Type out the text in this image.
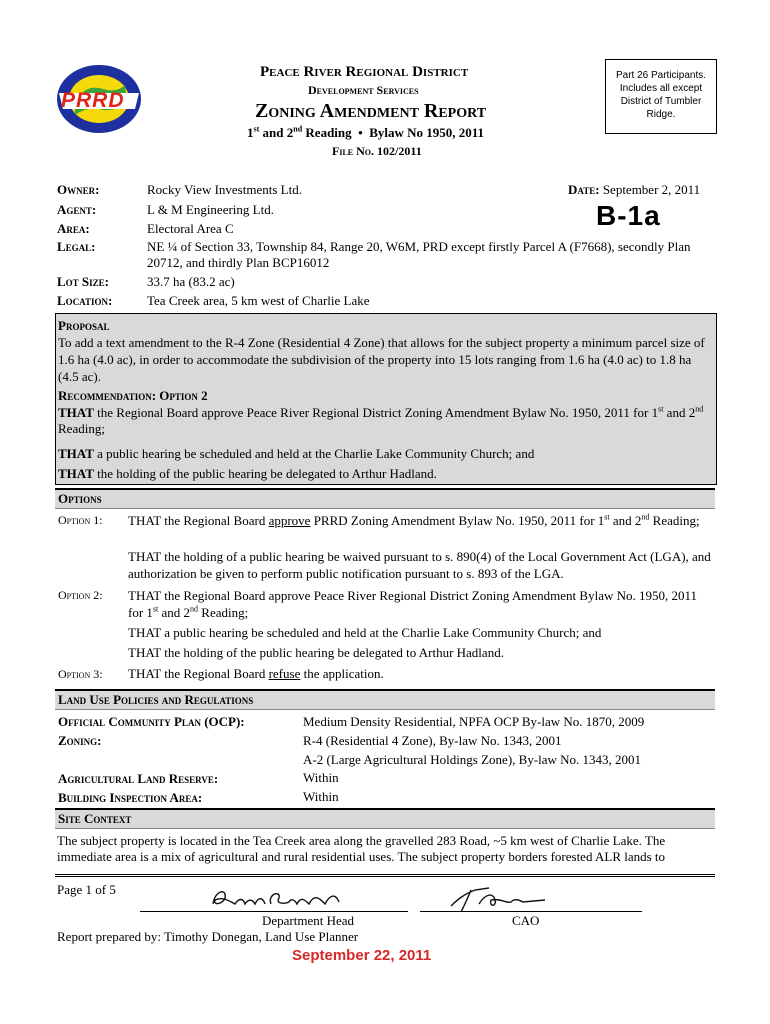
PRRD
Peace River Regional District
Development Services
Zoning Amendment Report
1st and 2nd Reading  •  Bylaw No 1950, 2011
File No. 102/2011
Part 26 Participants. Includes all except District of Tumbler Ridge.
Owner:	Rocky View Investments Ltd.	Date: September 2, 2011
Agent:	L & M Engineering Ltd.	B-1a
Area:	Electoral Area C
Legal:	NE ¼ of Section 33, Township 84, Range 20, W6M, PRD except firstly Parcel A (F7668), secondly Plan 20712, and thirdly Plan BCP16012
Lot Size:	33.7 ha (83.2 ac)
Location:	Tea Creek area, 5 km west of Charlie Lake
Proposal
To add a text amendment to the R-4 Zone (Residential 4 Zone) that allows for the subject property a minimum parcel size of 1.6 ha (4.0 ac), in order to accommodate the subdivision of the property into 15 lots ranging from 1.6 ha (4.0 ac) to 1.8 ha (4.5 ac).
Recommendation: Option 2
THAT the Regional Board approve Peace River Regional District Zoning Amendment Bylaw No. 1950, 2011 for 1st and 2nd Reading;
THAT a public hearing be scheduled and held at the Charlie Lake Community Church; and
THAT the holding of the public hearing be delegated to Arthur Hadland.
Options
Option 1: THAT the Regional Board approve PRRD Zoning Amendment Bylaw No. 1950, 2011 for 1st and 2nd Reading;
THAT the holding of a public hearing be waived pursuant to s. 890(4) of the Local Government Act (LGA), and authorization be given to perform public notification pursuant to s. 893 of the LGA.
Option 2: THAT the Regional Board approve Peace River Regional District Zoning Amendment Bylaw No. 1950, 2011 for 1st and 2nd Reading;
THAT a public hearing be scheduled and held at the Charlie Lake Community Church; and
THAT the holding of the public hearing be delegated to Arthur Hadland.
Option 3: THAT the Regional Board refuse the application.
Land Use Policies and Regulations
Official Community Plan (OCP):	Medium Density Residential, NPFA OCP By-law No. 1870, 2009
Zoning:	R-4 (Residential 4 Zone), By-law No. 1343, 2001
A-2 (Large Agricultural Holdings Zone), By-law No. 1343, 2001
Agricultural Land Reserve:	Within
Building Inspection Area:	Within
Site Context
The subject property is located in the Tea Creek area along the gravelled 283 Road, ~5 km west of Charlie Lake. The immediate area is a mix of agricultural and rural residential uses. The subject property borders forested ALR lands to
Page 1 of 5
Department Head	CAO
Report prepared by: Timothy Donegan, Land Use Planner
September 22, 2011
